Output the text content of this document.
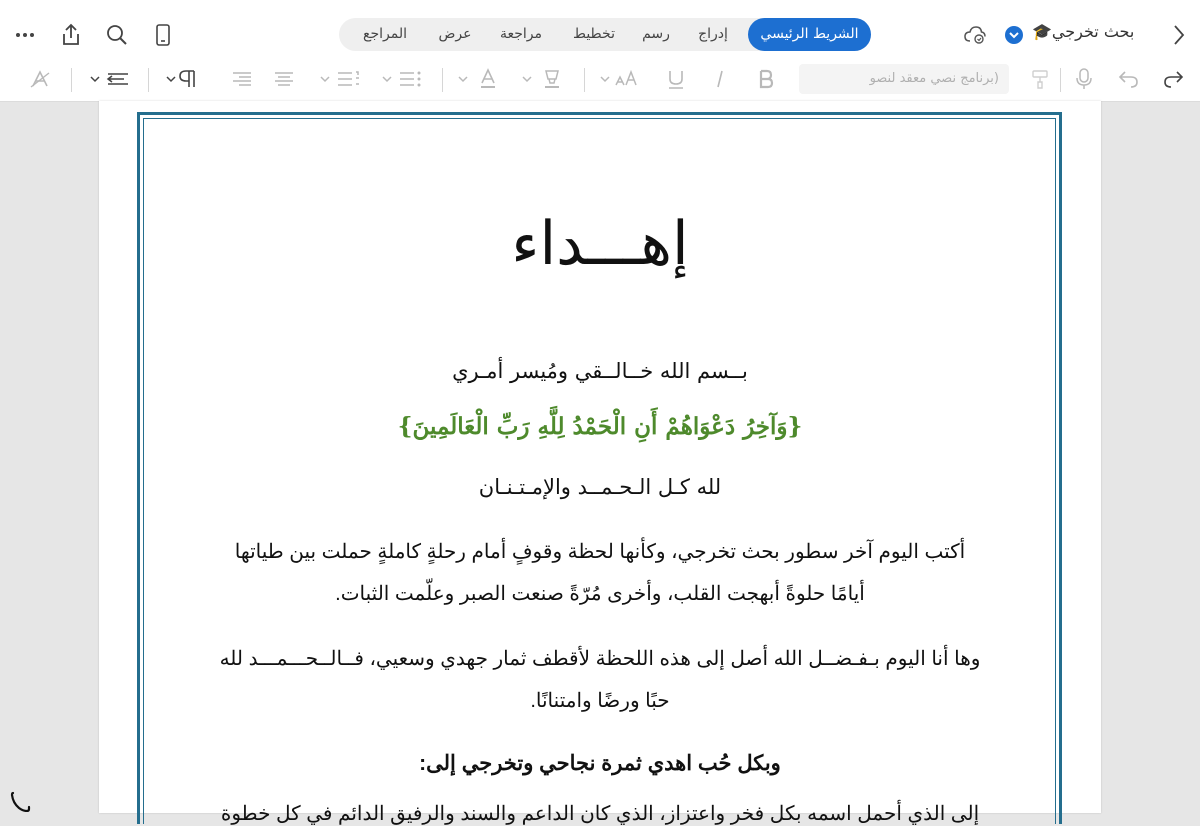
الشريط الرئيسي
إدراج
رسم
تخطيط
مراجعة
عرض
المراجع	بحث تخرجي🎓
(برنامج نصي معقد لنصو
إهـــداء
بــسم الله خــالــقي ومُيسر أمـري
{وَآخِرُ دَعْوَاهُمْ أَنِ الْحَمْدُ لِلَّهِ رَبِّ الْعَالَمِينَ}
لله كـل الـحـمــد والإمـتـنـان
أكتب اليوم آخر سطور بحث تخرجي، وكأنها لحظة وقوفٍ أمام رحلةٍ كاملةٍ حملت بين طياتها
أيامًا حلوةً أبهجت القلب، وأخرى مُرّةً صنعت الصبر وعلّمت الثبات.
وها أنا اليوم بـفـضــل الله أصل إلى هذه اللحظة لأقطف ثمار جهدي وسعيي، فــالــحـــمـــد لله
حبًا ورضًا وامتنانًا.
وبكل حُب اهدي ثمرة نجاحي وتخرجي إلى:
إلى الذي أحمل اسمه بكل فخر واعتزاز، الذي كان الداعم والسند والرفيق الدائم في كل خطوة
